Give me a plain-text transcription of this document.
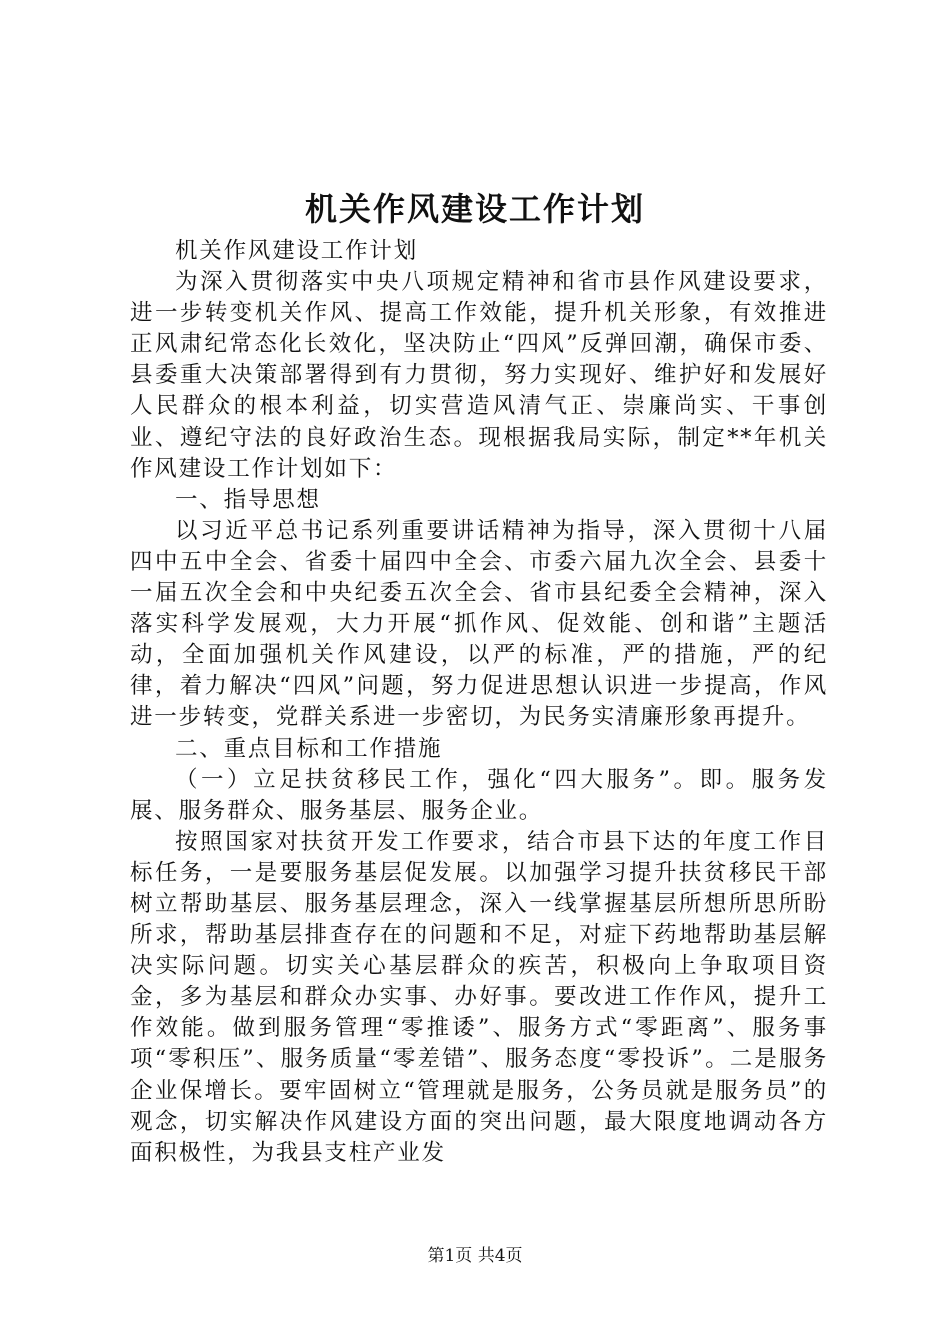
机关作风建设工作计划

机关作风建设工作计划

为深入贯彻落实中央八项规定精神和省市县作风建设要求，进一步转变机关作风、提高工作效能，提升机关形象，有效推进正风肃纪常态化长效化，坚决防止“四风”反弹回潮，确保市委、县委重大决策部署得到有力贯彻，努力实现好、维护好和发展好人民群众的根本利益，切实营造风清气正、崇廉尚实、干事创业、遵纪守法的良好政治生态。现根据我局实际，制定**年机关作风建设工作计划如下：

一、指导思想

以习近平总书记系列重要讲话精神为指导，深入贯彻十八届四中五中全会、省委十届四中全会、市委六届九次全会、县委十一届五次全会和中央纪委五次全会、省市县纪委全会精神，深入落实科学发展观，大力开展“抓作风、促效能、创和谐”主题活动，全面加强机关作风建设，以严的标准，严的措施，严的纪律，着力解决“四风”问题，努力促进思想认识进一步提高，作风进一步转变，党群关系进一步密切，为民务实清廉形象再提升。

二、重点目标和工作措施

（一）立足扶贫移民工作，强化“四大服务”。即。服务发展、服务群众、服务基层、服务企业。

按照国家对扶贫开发工作要求，结合市县下达的年度工作目标任务，一是要服务基层促发展。以加强学习提升扶贫移民干部树立帮助基层、服务基层理念，深入一线掌握基层所想所思所盼所求，帮助基层排查存在的问题和不足，对症下药地帮助基层解决实际问题。切实关心基层群众的疾苦，积极向上争取项目资金，多为基层和群众办实事、办好事。要改进工作作风，提升工作效能。做到服务管理“零推诿”、服务方式“零距离”、服务事项“零积压”、服务质量“零差错”、服务态度“零投诉”。二是服务企业保增长。要牢固树立“管理就是服务，公务员就是服务员”的观念，切实解决作风建设方面的突出问题，最大限度地调动各方面积极性，为我县支柱产业发

第1页 共4页
